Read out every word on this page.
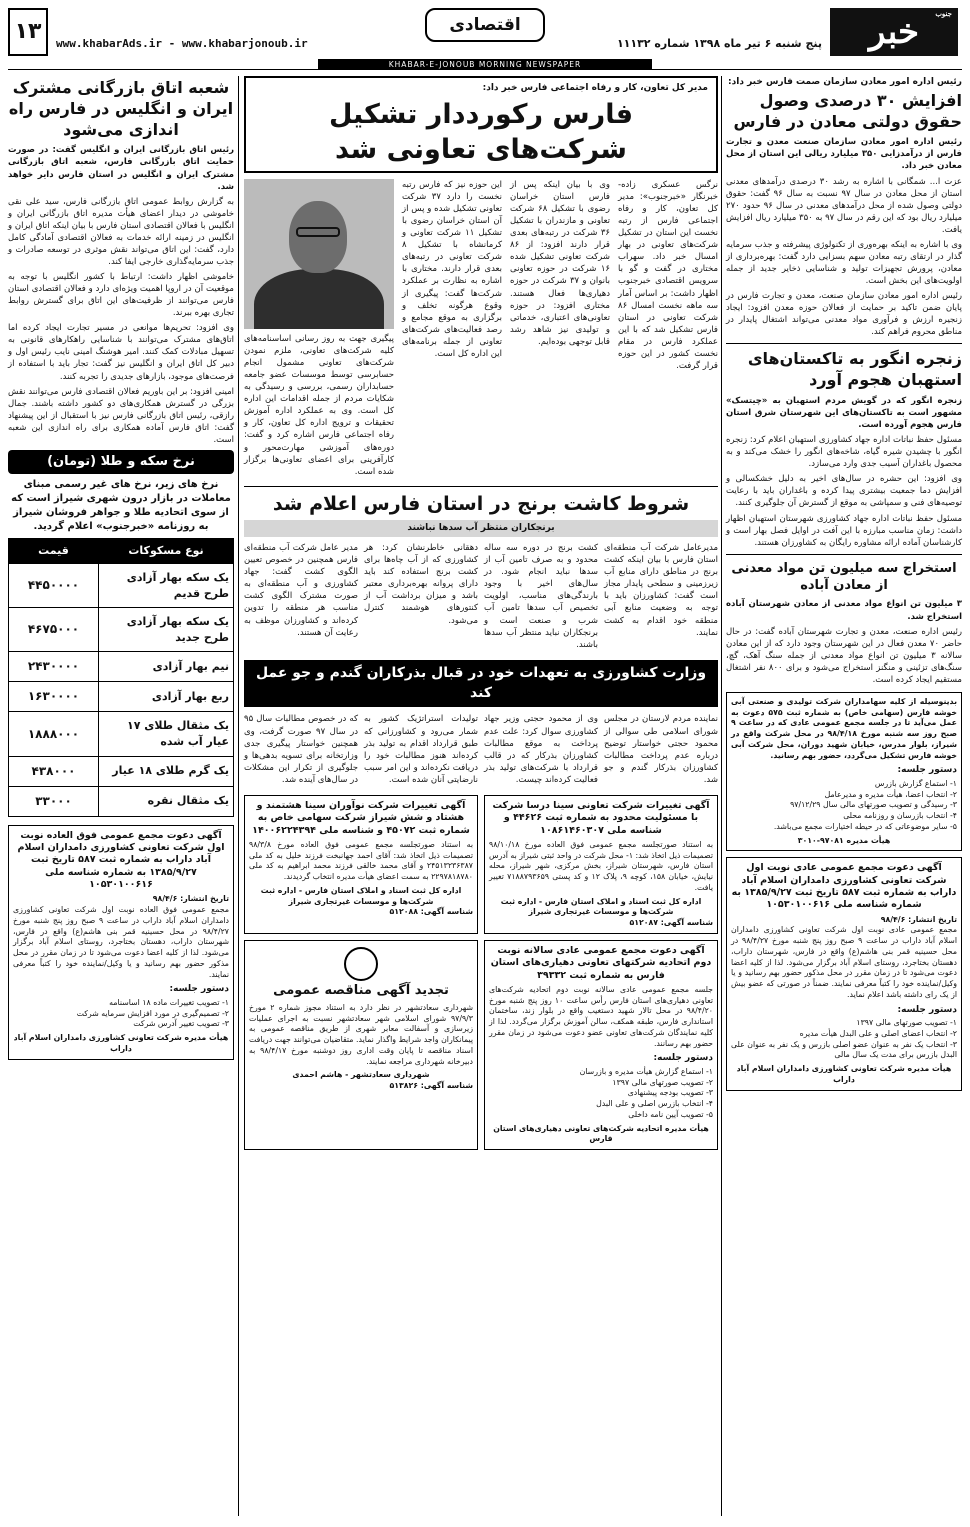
جنوب
خبر
پنج شنبه ۶ تیر ماه ۱۳۹۸ شماره ۱۱۱۳۲
اقتصادی
www.khabarAds.ir - www.khabarjonoub.ir
۱۳
KHABAR-E-JONOUB MORNING NEWSPAPER
رئیس اداره امور معادن سازمان صمت فارس خبر داد:
افزایش ۳۰ درصدی وصول حقوق دولتی معادن در فارس

رئیس اداره امور معادن سازمان صنعت معدن و تجارت فارس از درآمدزایی ۳۵۰ میلیارد ریالی این استان از محل معادن خبر داد.

عزت ا... شمگانی با اشاره به رشد ۳۰ درصدی درآمدهای معدنی استان از محل معادن در سال ۹۷ نسبت به سال ۹۶ گفت: حقوق دولتی وصول شده از محل درآمدهای معدنی در سال ۹۶ حدود ۲۷۰ میلیارد ریال بود که این رقم در سال ۹۷ به ۳۵۰ میلیارد ریال افزایش یافت.

وی با اشاره به اینکه بهره‌وری از تکنولوژی پیشرفته و جذب سرمایه گذار در ارتقای رتبه معادن سهم بسزایی دارد گفت: بهره‌برداری از معادن، پرورش تجهیزات تولید و شناسایی ذخایر جدید از جمله اولویت‌های این بخش است.

رئیس اداره امور معادن سازمان صنعت، معدن و تجارت فارس در پایان ضمن تاکید بر حمایت از فعالان حوزه معدن افزود: ایجاد زنجیره ارزش و فرآوری مواد معدنی می‌تواند اشتغال پایدار در مناطق محروم فراهم کند.

زنجره انگور به تاکستان‌های استهبان هجوم آورد

زنجره انگور که در گویش مردم استهبان به «چیتسک» مشهور است به تاکستان‌های این شهرستان شرق استان فارس هجوم آورده است.

مسئول حفظ نباتات اداره جهاد کشاورزی استهبان اعلام کرد: زنجره انگور با چشیدن شیره گیاه، شاخه‌های انگور را خشک می‌کند و به محصول باغداران آسیب جدی وارد می‌سازد.

وی افزود: این حشره در سال‌های اخیر به دلیل خشکسالی و افزایش دما جمعیت بیشتری پیدا کرده و باغداران باید با رعایت توصیه‌های فنی و سمپاشی به موقع از گسترش آن جلوگیری کنند.

مسئول حفظ نباتات اداره جهاد کشاورزی شهرستان استهبان اظهار داشت: زمان مناسب مبارزه با این آفت در اوایل فصل بهار است و کارشناسان آماده ارائه مشاوره رایگان به کشاورزان هستند.

استخراج سه میلیون تن مواد معدنی از معادن آباده

۳ میلیون تن انواع مواد معدنی از معادن شهرستان آباده استخراج شد.

رئیس اداره صنعت، معدن و تجارت شهرستان آباده گفت: در حال حاضر ۷۰ معدن فعال در این شهرستان وجود دارد که از این معادن سالانه ۳ میلیون تن انواع مواد معدنی از جمله سنگ آهک، گچ، سنگ‌های تزئینی و منگنز استخراج می‌شود و برای ۸۰۰ نفر اشتغال مستقیم ایجاد کرده است.

بدینوسیله از کلیه سهامداران شرکت تولیدی و صنعتی آبی خوشه فارس (سهامی خاص) به شماره ثبت ۵۷۵ دعوت به عمل می‌آید تا در جلسه مجمع عمومی عادی که در ساعت ۹ صبح روز سه شنبه مورخ ۹۸/۴/۱۸ در محل شرکت واقع در شیراز، بلوار مدرس، خیابان شهید دوران، محل شرکت آبی خوشه فارس تشکیل می‌گردد، حضور بهم رسانید.

دستور جلسه:

۱- استماع گزارش بازرس
۲- انتخاب اعضا، هیأت مدیره و مدیرعامل
۳- رسیدگی و تصویب صورتهای مالی سال ۹۷/۱۲/۲۹
۴- انتخاب بازرسان و روزنامه محلی
۵- سایر موضوعاتی که در حیطه اختیارات مجمع می‌باشد.

هیأت مدیره ۹۷۰۸۱-۳۰۱۰
آگهی دعوت مجمع عمومی عادی نوبت اول شرکت تعاونی کشاورزی دامداران اسلام آباد داراب به شماره ثبت ۵۸۷ تاریخ ثبت ۱۳۸۵/۹/۲۷ به شماره شناسه ملی ۱۰۵۳۰۱۰۰۶۱۶
تاریخ انتشار: ۹۸/۴/۶

مجمع عمومی عادی نوبت اول شرکت تعاونی کشاورزی دامداران اسلام آباد داراب در ساعت ۹ صبح روز پنج شنبه مورخ ۹۸/۴/۲۷ در محل حسینیه قمر بنی هاشم(ع) واقع در فارس، شهرستان داراب، دهستان بختاجرد، روستای اسلام آباد برگزار می‌شود. لذا از کلیه اعضا دعوت می‌شود تا در زمان مقرر در محل مذکور حضور بهم رسانید و یا وکیل/نماینده خود را کتباً معرفی نمایند. ضمناً در صورتی که عضو بیش از یک رای داشته باشد اعلام نماید.

دستور جلسه:

۱- تصویب صورتهای مالی ۱۳۹۷
۲- انتخاب اعضای اصلی و علی البدل هیأت مدیره
۳- انتخاب یک نفر به عنوان عضو اصلی بازرس و یک نفر به عنوان علی البدل بازرس برای مدت یک سال مالی

هیأت مدیره شرکت تعاونی کشاورزی دامداران اسلام آباد داراب
مدیر کل تعاون، کار و رفاه اجتماعی فارس خبر داد:
فارس رکورددار تشکیل شرکت‌های تعاونی شد

نرگس عسکری زاده- خبرنگار «خبرجنوب»: مدیر کل تعاون، کار و رفاه اجتماعی فارس از رتبه نخست این استان در تشکیل شرکت‌های تعاونی در بهار امسال خبر داد. سهراب مختاری در گفت و گو با سرویس اقتصادی خبرجنوب اظهار داشت: بر اساس آمار سه ماهه نخست امسال ۸۶ شرکت تعاونی در استان فارس تشکیل شد که با این عملکرد فارس در مقام نخست کشور در این حوزه قرار گرفت.

وی با بیان اینکه پس از فارس استان خراسان رضوی با تشکیل ۶۸ شرکت تعاونی و مازندران با تشکیل ۳۶ شرکت در رتبه‌های بعدی قرار دارند افزود: از ۸۶ شرکت تعاونی تشکیل شده ۱۶ شرکت در حوزه تعاونی بانوان و ۳۷ شرکت در حوزه دهیاری‌ها فعال هستند. مختاری افزود: در حوزه تعاونی‌های اعتباری، خدماتی و تولیدی نیز شاهد رشد قابل توجهی بوده‌ایم.

این حوزه نیز که فارس رتبه نخست را دارد ۳۷ شرکت تعاونی تشکیل شده و پس از آن استان خراسان رضوی با تشکیل ۱۱ شرکت تعاونی و کرمانشاه با تشکیل ۸ شرکت تعاونی در رتبه‌های بعدی قرار دارند. مختاری با اشاره به نظارت بر عملکرد شرکت‌ها گفت: پیگیری از وقوع هرگونه تخلف و برگزاری به موقع مجامع و رصد فعالیت‌های شرکت‌های تعاونی از جمله برنامه‌های این اداره کل است.

پیگیری جهت به روز رسانی اساسنامه‌های کلیه شرکت‌های تعاونی، ملزم نمودن شرکت‌های تعاونی مشمول انجام حسابرسی توسط موسسات عضو جامعه حسابداران رسمی، بررسی و رسیدگی به شکایات مردم از جمله اقدامات این اداره کل است. وی به عملکرد اداره آموزش تحقیقات و ترویج اداره کل تعاون، کار و رفاه اجتماعی فارس اشاره کرد و گفت: دوره‌های آموزشی مهارت‌محور و کارآفرینی برای اعضای تعاونی‌ها برگزار شده است.

شروط کاشت برنج در استان فارس اعلام شد
برنجکاران منتظر آب سدها نباشند

مدیرعامل شرکت آب منطقه‌ای استان فارس با بیان اینکه کشت برنج در مناطق دارای منابع آب زیرزمینی و سطحی پایدار مجاز است گفت: کشاورزان باید با توجه به وضعیت منابع آبی منطقه خود اقدام به کشت نمایند.

کشت برنج در دوره سه ساله محدود و به صرف تامین آب از سدها نباید انجام شود. در سال‌های اخیر با وجود بارندگی‌های مناسب، اولویت تخصیص آب سدها تامین آب شرب و صنعت است و برنجکاران نباید منتظر آب سدها باشند.

دهقانی خاطرنشان کرد: هر کشاورزی که از آب چاه‌ها برای کشت برنج استفاده کند باید دارای پروانه بهره‌برداری معتبر باشد و میزان برداشت آب از کنتورهای هوشمند کنترل می‌شود.

مدیر عامل شرکت آب منطقه‌ای فارس همچنین در خصوص تعیین الگوی کشت گفت: جهاد کشاورزی و آب منطقه‌ای به صورت مشترک الگوی کشت مناسب هر منطقه را تدوین کرده‌اند و کشاورزان موظف به رعایت آن هستند.

وزارت کشاورزی به تعهدات خود در قبال بذرکاران گندم و جو عمل کند

نماینده مردم لارستان در مجلس شورای اسلامی طی سوالی از محمود حجتی خواستار توضیح درباره عدم پرداخت مطالبات کشاورزان بذرکار گندم و جو شد.

وی از محمود حجتی وزیر جهاد کشاورزی سوال کرد: علت عدم پرداخت به موقع مطالبات کشاورزان بذرکار که در قالب قرارداد با شرکت‌های تولید بذر فعالیت کرده‌اند چیست.

تولیدات استراتژیک کشور به شمار می‌رود و کشاورزانی که طبق قرارداد اقدام به تولید بذر کرده‌اند هنوز مطالبات خود را دریافت نکرده‌اند و این امر سبب نارضایتی آنان شده است.

که در خصوص مطالبات سال ۹۵ در سال ۹۷ صورت گرفت، وی همچنین خواستار پیگیری جدی وزارتخانه برای تسویه بدهی‌ها و جلوگیری از تکرار این مشکلات در سال‌های آینده شد.

آگهی تغییرات شرکت تعاونی سینا درسا شرکت با مسئولیت محدود به شماره ثبت ۴۴۶۲۶ و شناسه ملی ۱۰۸۶۱۴۶۰۳۰۷

به استناد صورتجلسه مجمع عمومی فوق العاده مورخ ۹۸/۱۰/۱۸ تصمیمات ذیل اتخاذ شد: ۱- محل شرکت در واحد ثبتی شیراز به آدرس استان فارس، شهرستان شیراز، بخش مرکزی، شهر شیراز، محله نیایش، خیابان ۱۵۸، کوچه ۹، پلاک ۱۲ و کد پستی ۷۱۸۸۷۹۳۶۵۹ تغییر یافت.

اداره کل ثبت اسناد و املاک استان فارس - اداره ثبت شرکت‌ها و موسسات غیرتجاری شیراز
شناسه آگهی: ۵۱۲۰۸۷
آگهی تغییرات شرکت نوآوران سینا هشتمند و هشتاد و شش شیراز شرکت سهامی خاص به شماره ثبت ۴۵۰۷۲ و شناسه ملی ۱۴۰۰۶۲۲۴۳۹۴

به استناد صورتجلسه مجمع عمومی فوق العاده مورخ ۹۸/۳/۸ تصمیمات ذیل اتخاذ شد: آقای احمد جهانبخت فرزند خلیل به کد ملی ۲۴۵۱۳۲۳۶۳۸۷ و آقای محمد خالقی فرزند محمد ابراهیم به کد ملی ۲۲۹۷۸۱۸۷۸۰ به سمت اعضای هیأت مدیره انتخاب گردیدند.

اداره کل ثبت اسناد و املاک استان فارس - اداره ثبت شرکت‌ها و موسسات غیرتجاری شیراز
شناسه آگهی: ۵۱۲۰۸۸
آگهی دعوت مجمع عمومی عادی سالانه نوبت دوم اتحادیه شرکتهای تعاونی دهیاری‌های استان فارس به شماره ثبت ۳۹۳۳۲

جلسه مجمع عمومی عادی سالانه نوبت دوم اتحادیه شرکت‌های تعاونی دهیاری‌های استان فارس رأس ساعت ۱۰ روز پنج شنبه مورخ ۹۸/۴/۲۰ در محل تالار شهید دستغیب واقع در بلوار زند، ساختمان استانداری فارس، طبقه همکف، سالن آموزش برگزار می‌گردد. لذا از کلیه نمایندگان شرکت‌های تعاونی عضو دعوت می‌شود در زمان مقرر حضور بهم رسانند.

دستور جلسه:

۱- استماع گزارش هیأت مدیره و بازرسان
۲- تصویب صورتهای مالی ۱۳۹۷
۳- تصویب بودجه پیشنهادی
۴- انتخاب بازرس اصلی و علی البدل
۵- تصویب آیین نامه داخلی

هیأت مدیره اتحادیه شرکت‌های تعاونی دهیاری‌های استان فارس
تجدید آگهی مناقصه عمومی

شهرداری سعادتشهر در نظر دارد به استناد مجوز شماره ۲ مورخ ۹۷/۹/۳ شورای اسلامی شهر سعادتشهر نسبت به اجرای عملیات زیرسازی و آسفالت معابر شهری از طریق مناقصه عمومی به پیمانکاران واجد شرایط واگذار نماید. متقاضیان می‌توانند جهت دریافت اسناد مناقصه تا پایان وقت اداری روز دوشنبه مورخ ۹۸/۴/۱۷ به دبیرخانه شهرداری مراجعه نمایند.

شهرداری سعادتشهر - هاشم احمدی
شناسه آگهی: ۵۱۳۸۲۶
شعبه اتاق بازرگانی مشترک ایران و انگلیس در فارس راه اندازی می‌شود

رئیس اتاق بازرگانی ایران و انگلیس گفت: در صورت حمایت اتاق بازرگانی فارس، شعبه اتاق بازرگانی مشترک ایران و انگلیس در استان فارس دایر خواهد شد.

به گزارش روابط عمومی اتاق بازرگانی فارس، سید علی نقی خاموشی در دیدار اعضای هیأت مدیره اتاق بازرگانی ایران و انگلیس با فعالان اقتصادی استان فارس با بیان اینکه اتاق ایران و انگلیس در زمینه ارائه خدمات به فعالان اقتصادی آمادگی کامل دارد، گفت: این اتاق می‌تواند نقش موثری در توسعه صادرات و جذب سرمایه‌گذاری خارجی ایفا کند.

خاموشی اظهار داشت: ارتباط با کشور انگلیس با توجه به موقعیت آن در اروپا اهمیت ویژه‌ای دارد و فعالان اقتصادی استان فارس می‌توانند از ظرفیت‌های این اتاق برای گسترش روابط تجاری بهره ببرند.

وی افزود: تحریم‌ها موانعی در مسیر تجارت ایجاد کرده اما اتاق‌های مشترک می‌توانند با شناسایی راهکارهای قانونی به تسهیل مبادلات کمک کنند. امیر هوشنگ امینی نایب رئیس اول و دبیر کل اتاق ایران و انگلیس نیز گفت: تجار باید با استفاده از فرصت‌های موجود، بازارهای جدیدی را تجربه کنند.

امینی افزود: بر این باوریم فعالان اقتصادی فارس می‌توانند نقش بزرگی در گسترش همکاری‌های دو کشور داشته باشند. جمال رازقی، رئیس اتاق بازرگانی فارس نیز با استقبال از این پیشنهاد گفت: اتاق فارس آماده همکاری برای راه اندازی این شعبه است.

نرخ سکه و طلا (تومان)
نرخ های زیر، نرخ های غیر رسمی مبنای معاملات در بازار درون شهری شیراز است که از سوی اتحادیه طلا و جواهر فروشان شیراز به روزنامه «خبرجنوب» اعلام گردید.
نوع مسکوکات	قیمت
یک سکه بهار آزادی طرح قدیم	۴۴۵۰۰۰۰
یک سکه بهار آزادی طرح جدید	۴۶۷۵۰۰۰
نیم بهار آزادی	۲۴۳۰۰۰۰
ربع بهار آزادی	۱۶۳۰۰۰۰
یک مثقال طلای ۱۷ عیار آب شده	۱۸۸۸۰۰۰
یک گرم طلای ۱۸ عیار	۴۳۸۰۰۰
یک مثقال نقره	۳۳۰۰۰
آگهی دعوت مجمع عمومی فوق العاده نوبت اول شرکت تعاونی کشاورزی دامداران اسلام آباد داراب به شماره ثبت ۵۸۷ تاریخ ثبت ۱۳۸۵/۹/۲۷ به شماره شناسه ملی ۱۰۵۳۰۱۰۰۶۱۶
تاریخ انتشار: ۹۸/۴/۶

مجمع عمومی فوق العاده نوبت اول شرکت تعاونی کشاورزی دامداران اسلام آباد داراب در ساعت ۹ صبح روز پنج شنبه مورخ ۹۸/۴/۲۷ در محل حسینیه قمر بنی هاشم(ع) واقع در فارس، شهرستان داراب، دهستان بختاجرد، روستای اسلام آباد برگزار می‌شود. لذا از کلیه اعضا دعوت می‌شود تا در زمان مقرر در محل مذکور حضور بهم رسانید و یا وکیل/نماینده خود را کتباً معرفی نمایند.

دستور جلسه:

۱- تصویب تغییرات ماده ۱۸ اساسنامه
۲- تصمیم‌گیری در مورد افزایش سرمایه شرکت
۳- تصویب تغییر آدرس شرکت

هیأت مدیره شرکت تعاونی کشاورزی دامداران اسلام آباد داراب
